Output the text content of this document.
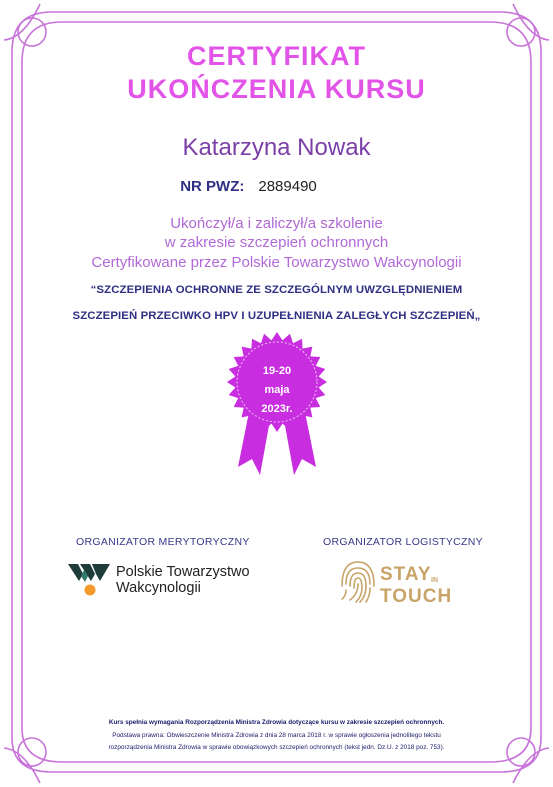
CERTYFIKAT
UKOŃCZENIA KURSU
Katarzyna Nowak
NR PWZ: 2889490
Ukończył/a i zaliczył/a szkolenie
w zakresie szczepień ochronnych
Certyfikowane przez Polskie Towarzystwo Wakcynologii
“SZCZEPIENIA OCHRONNE ZE SZCZEGÓLNYM UWZGLĘDNIENIEM
SZCZEPIEŃ PRZECIWKO HPV I UZUPEŁNIENIA ZALEGŁYCH SZCZEPIEŃ„
19-20
maja
2023r.
ORGANIZATOR MERYTORYCZNY	ORGANIZATOR LOGISTYCZNY
Polskie Towarzystwo
Wakcynologii
STAY IN
TOUCH
Kurs spełnia wymagania Rozporządzenia Ministra Zdrowia dotyczące kursu w zakresie szczepień ochronnych.
Podstawa prawna: Obwieszczenie Ministra Zdrowia z dnia 28 marca 2018 r. w sprawie ogłoszenia jednolitego tekstu
rozporządzenia Ministra Zdrowia w sprawie obowiązkowych szczepień ochronnych (tekst jedn. Dz.U. z 2018 poz. 753).
